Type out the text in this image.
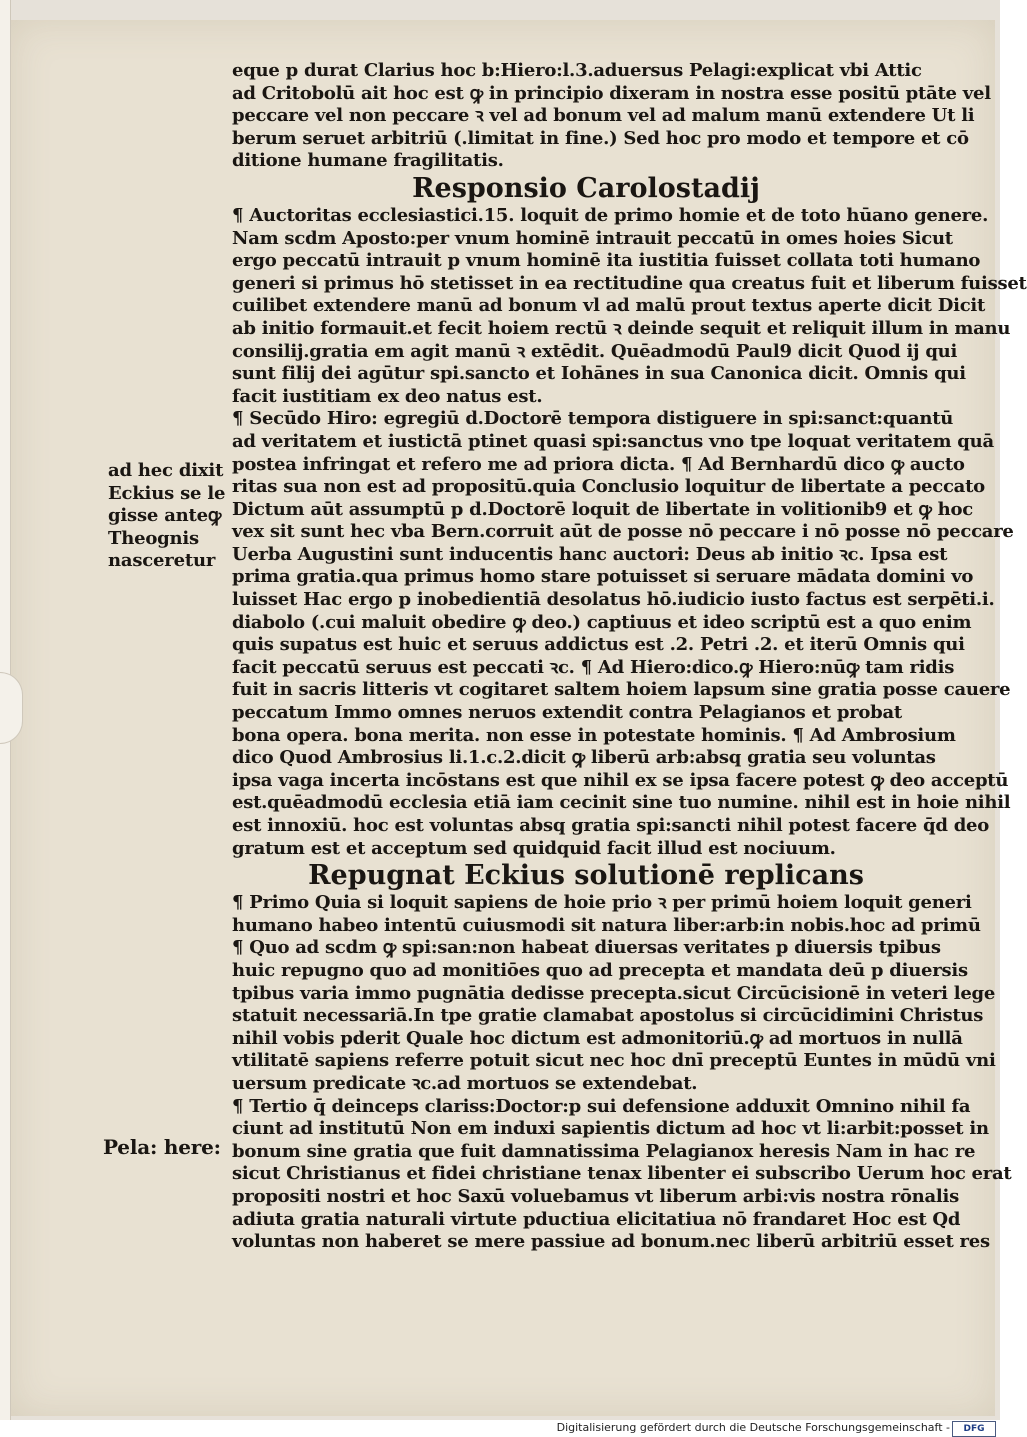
eque p durat Clarius hoc b:Hiero:l.3.aduersus Pelagi:explicat vbi Attic
ad Critobolū ait hoc est ꝙ in principio dixeram in nostra esse positū ptāte vel
peccare vel non peccare ꝛ vel ad bonum vel ad malum manū extendere Ut li
berum seruet arbitriū (.limitat in fine.) Sed hoc pro modo et tempore et cō
ditione humane fragilitatis.
Responsio Carolostadij
¶ Auctoritas ecclesiastici.15. loquit de primo homie et de toto hūano genere.
Nam scdm Aposto:per vnum hominē intrauit peccatū in omes hoies Sicut
ergo peccatū intrauit p vnum hominē ita iustitia fuisset collata toti humano
generi si primus hō stetisset in ea rectitudine qua creatus fuit et liberum fuisset
cuilibet extendere manū ad bonum vl ad malū prout textus aperte dicit Dicit
ab initio formauit.et fecit hoiem rectū ꝛ deinde sequit et reliquit illum in manu
consilij.gratia em agit manū ꝛ extēdit. Quēadmodū Paul9 dicit Quod ij qui
sunt filij dei agūtur spi.sancto et Iohānes in sua Canonica dicit. Omnis qui
facit iustitiam ex deo natus est.
¶ Secūdo Hiro: egregiū d.Doctorē tempora distiguere in spi:sanct:quantū
ad veritatem et iustictā ptinet quasi spi:sanctus vno tpe loquat veritatem quā
postea infringat et refero me ad priora dicta. ¶ Ad Bernhardū dico ꝙ aucto
ritas sua non est ad propositū.quia Conclusio loquitur de libertate a peccato
Dictum aūt assumptū p d.Doctorē loquit de libertate in volitionib9 et ꝙ hoc
vex sit sunt hec vba Bern.corruit aūt de posse nō peccare i nō posse nō peccare
Uerba Augustini sunt inducentis hanc auctori: Deus ab initio ꝛc. Ipsa est
prima gratia.qua primus homo stare potuisset si seruare mādata domini vo
luisset Hac ergo p inobedientiā desolatus hō.iudicio iusto factus est serpēti.i.
diabolo (.cui maluit obedire ꝙ deo.) captiuus et ideo scriptū est a quo enim
quis supatus est huic et seruus addictus est .2. Petri .2. et iterū Omnis qui
facit peccatū seruus est peccati ꝛc. ¶ Ad Hiero:dico.ꝙ Hiero:nūꝙ tam ridis
fuit in sacris litteris vt cogitaret saltem hoiem lapsum sine gratia posse cauere
peccatum Immo omnes neruos extendit contra Pelagianos et probat
bona opera. bona merita. non esse in potestate hominis. ¶ Ad Ambrosium
dico Quod Ambrosius li.1.c.2.dicit ꝙ liberū arb:absq gratia seu voluntas
ipsa vaga incerta incōstans est que nihil ex se ipsa facere potest ꝙ deo acceptū
est.quēadmodū ecclesia etiā iam cecinit sine tuo numine. nihil est in hoie nihil
est innoxiū. hoc est voluntas absq gratia spi:sancti nihil potest facere q̄d deo
gratum est et acceptum sed quidquid facit illud est nociuum.
Repugnat Eckius solutionē replicans
¶ Primo Quia si loquit sapiens de hoie prio ꝛ per primū hoiem loquit generi
humano habeo intentū cuiusmodi sit natura liber:arb:in nobis.hoc ad primū
¶ Quo ad scdm ꝙ spi:san:non habeat diuersas veritates p diuersis tpibus
huic repugno quo ad monitiōes quo ad precepta et mandata deū p diuersis
tpibus varia immo pugnātia dedisse precepta.sicut Circūcisionē in veteri lege
statuit necessariā.In tpe gratie clamabat apostolus si circūcidimini Christus
nihil vobis pderit Quale hoc dictum est admonitoriū.ꝙ ad mortuos in nullā
vtilitatē sapiens referre potuit sicut nec hoc dnī preceptū Euntes in mūdū vni
uersum predicate ꝛc.ad mortuos se extendebat.
¶ Tertio q̄ deinceps clariss:Doctor:p sui defensione adduxit Omnino nihil fa
ciunt ad institutū Non em induxi sapientis dictum ad hoc vt li:arbit:posset in
bonum sine gratia que fuit damnatissima Pelagianox heresis Nam in hac re
sicut Christianus et fidei christiane tenax libenter ei subscribo Uerum hoc erat
propositi nostri et hoc Saxū voluebamus vt liberum arbi:vis nostra rōnalis
adiuta gratia naturali virtute pductiua elicitatiua nō frandaret Hoc est Qd
voluntas non haberet se mere passiue ad bonum.nec liberū arbitriū esset res
ad hec dixit
Eckius se le
gisse anteꝙ
Theognis
nasceretur
Pela: here:
Digitalisierung gefördert durch die Deutsche Forschungsgemeinschaft -	DFG
